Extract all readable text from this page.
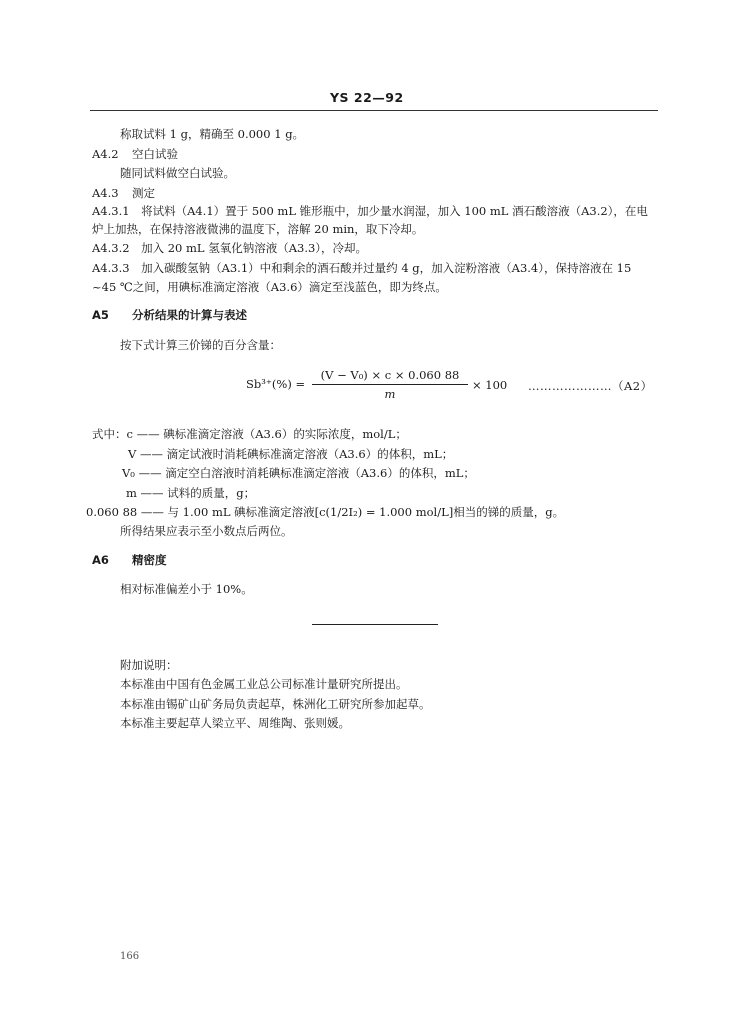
YS 22—92
称取试料 1 g，精确至 0.000 1 g。
A4.2 空白试验
随同试料做空白试验。
A4.3 测定
A4.3.1　将试料（A4.1）置于 500 mL 锥形瓶中，加少量水润湿，加入 100 mL 酒石酸溶液（A3.2），在电
炉上加热，在保持溶液微沸的温度下，溶解 20 min，取下冷却。
A4.3.2　加入 20 mL 氢氧化钠溶液（A3.3），冷却。
A4.3.3　加入碳酸氢钠（A3.1）中和剩余的酒石酸并过量约 4 g，加入淀粉溶液（A3.4），保持溶液在 15
~45 ℃之间，用碘标准滴定溶液（A3.6）滴定至浅蓝色，即为终点。
A5 分析结果的计算与表述
按下式计算三价锑的百分含量：
$Sb^{3+}(\%) = \frac{\text{(V − V₀) × c × 0.060 88}}{m} \times 100$ …………………（A2）
式中：c —— 碘标准滴定溶液（A3.6）的实际浓度，mol/L；
V —— 滴定试液时消耗碘标准滴定溶液（A3.6）的体积，mL；
V₀ —— 滴定空白溶液时消耗碘标准滴定溶液（A3.6）的体积，mL；
m —— 试料的质量，g；
0.060 88 —— 与 1.00 mL 碘标准滴定溶液[c(1/2I₂) = 1.000 mol/L]相当的锑的质量，g。
所得结果应表示至小数点后两位。
A6 精密度
相对标准偏差小于 10%。
附加说明：
本标准由中国有色金属工业总公司标准计量研究所提出。
本标准由锡矿山矿务局负责起草，株洲化工研究所参加起草。
本标准主要起草人梁立平、周维陶、张则媛。
166
